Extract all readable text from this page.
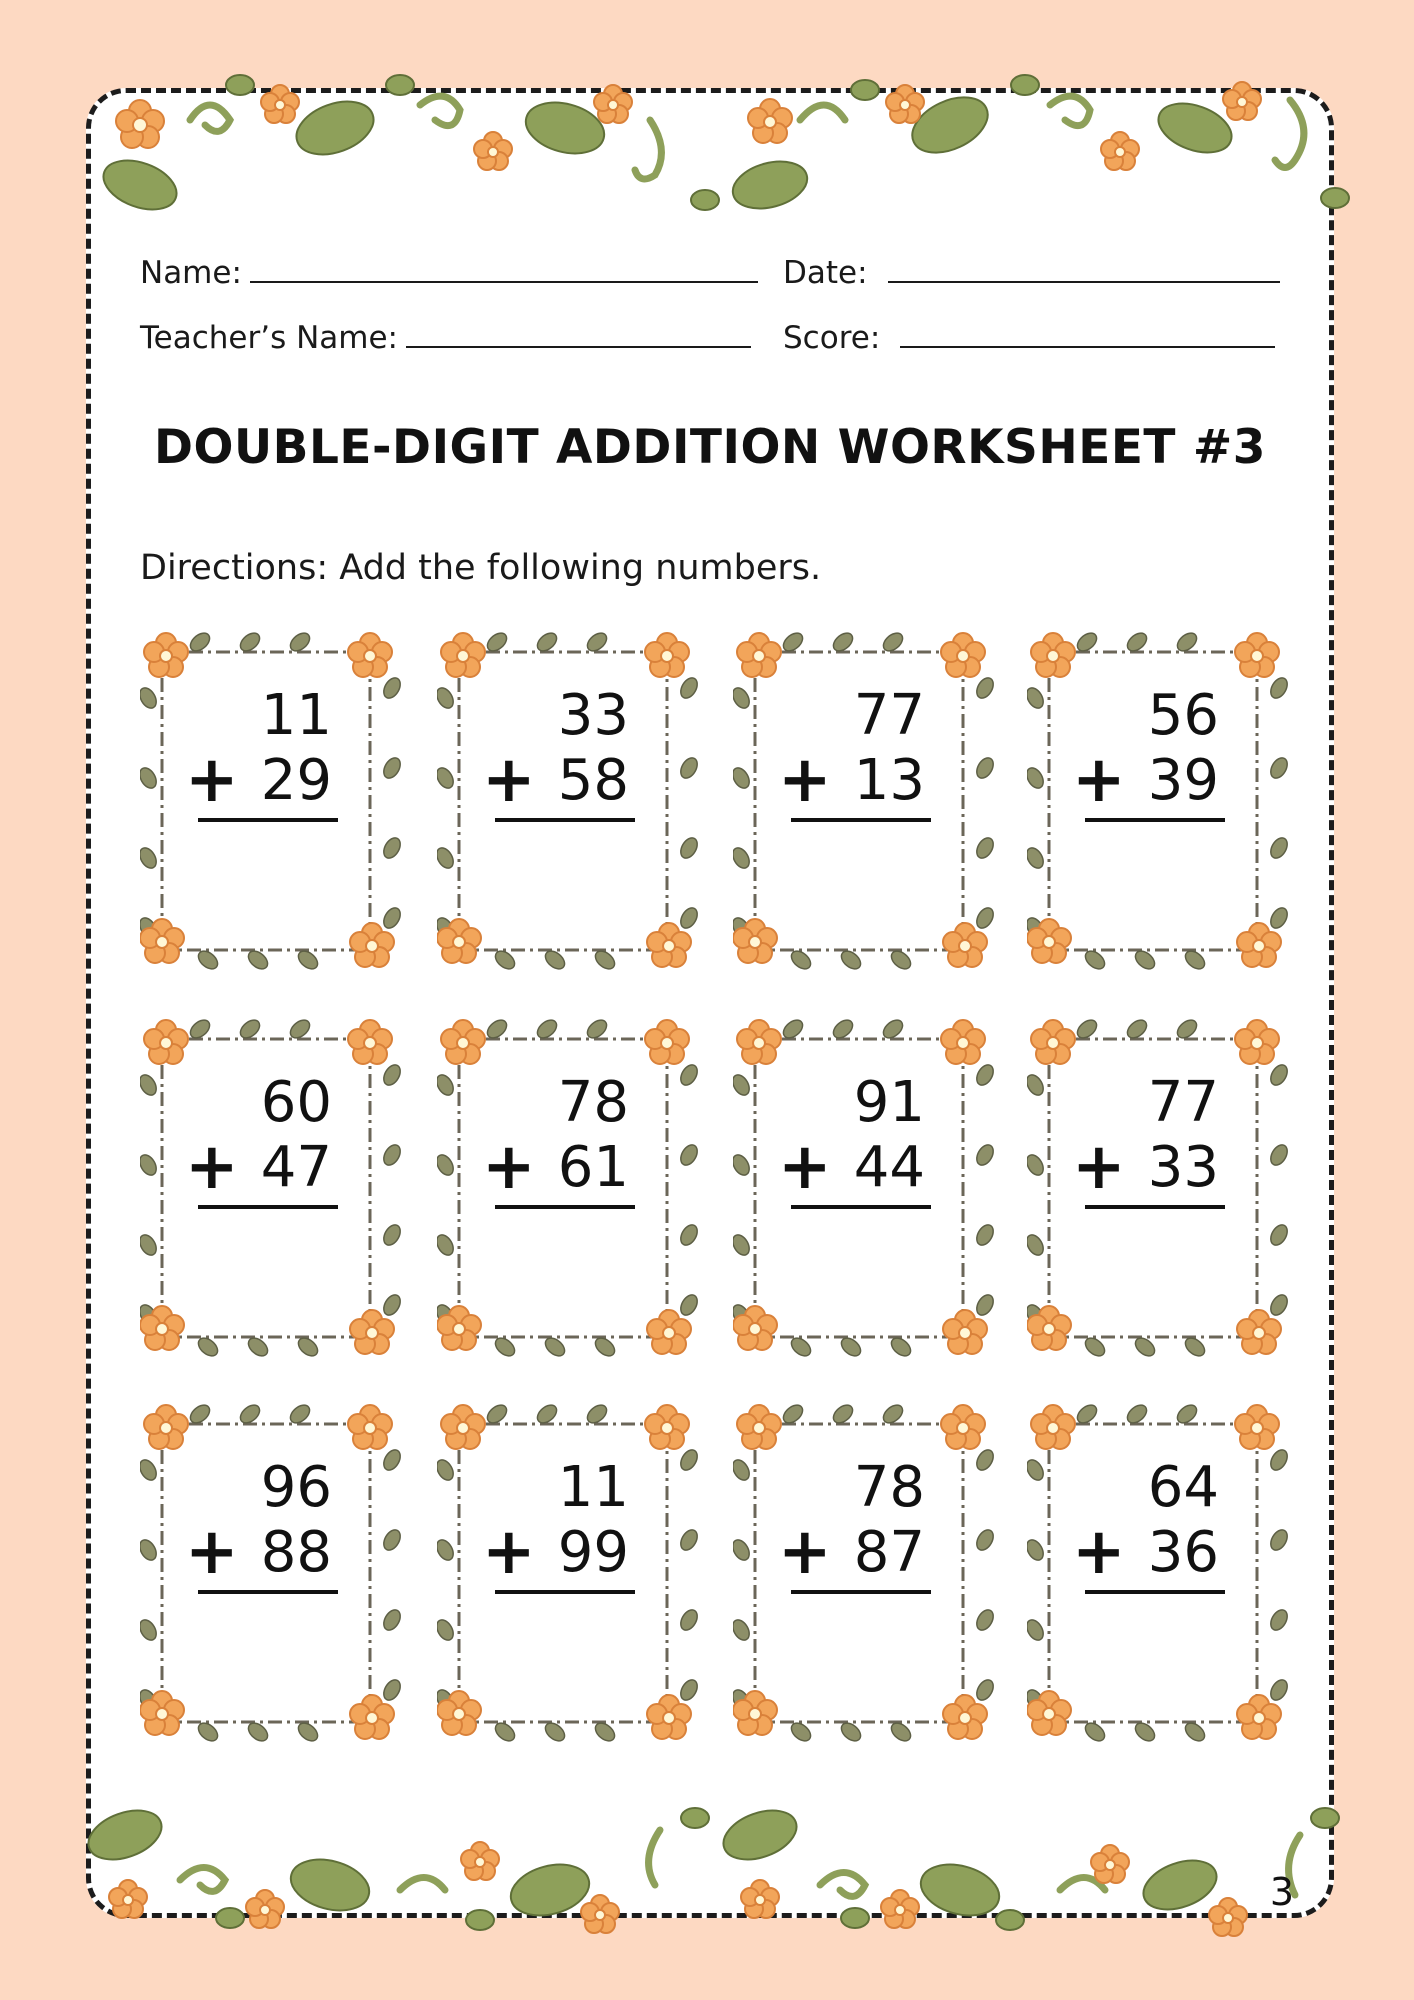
Name:	Date:
Teacher’s Name:	Score:
DOUBLE-DIGIT ADDITION WORKSHEET #3
Directions: Add the following numbers.
11
+ 29
33
+ 58
77
+ 13
56
+ 39
60
+ 47
78
+ 61
91
+ 44
77
+ 33
96
+ 88
11
+ 99
78
+ 87
64
+ 36
3
